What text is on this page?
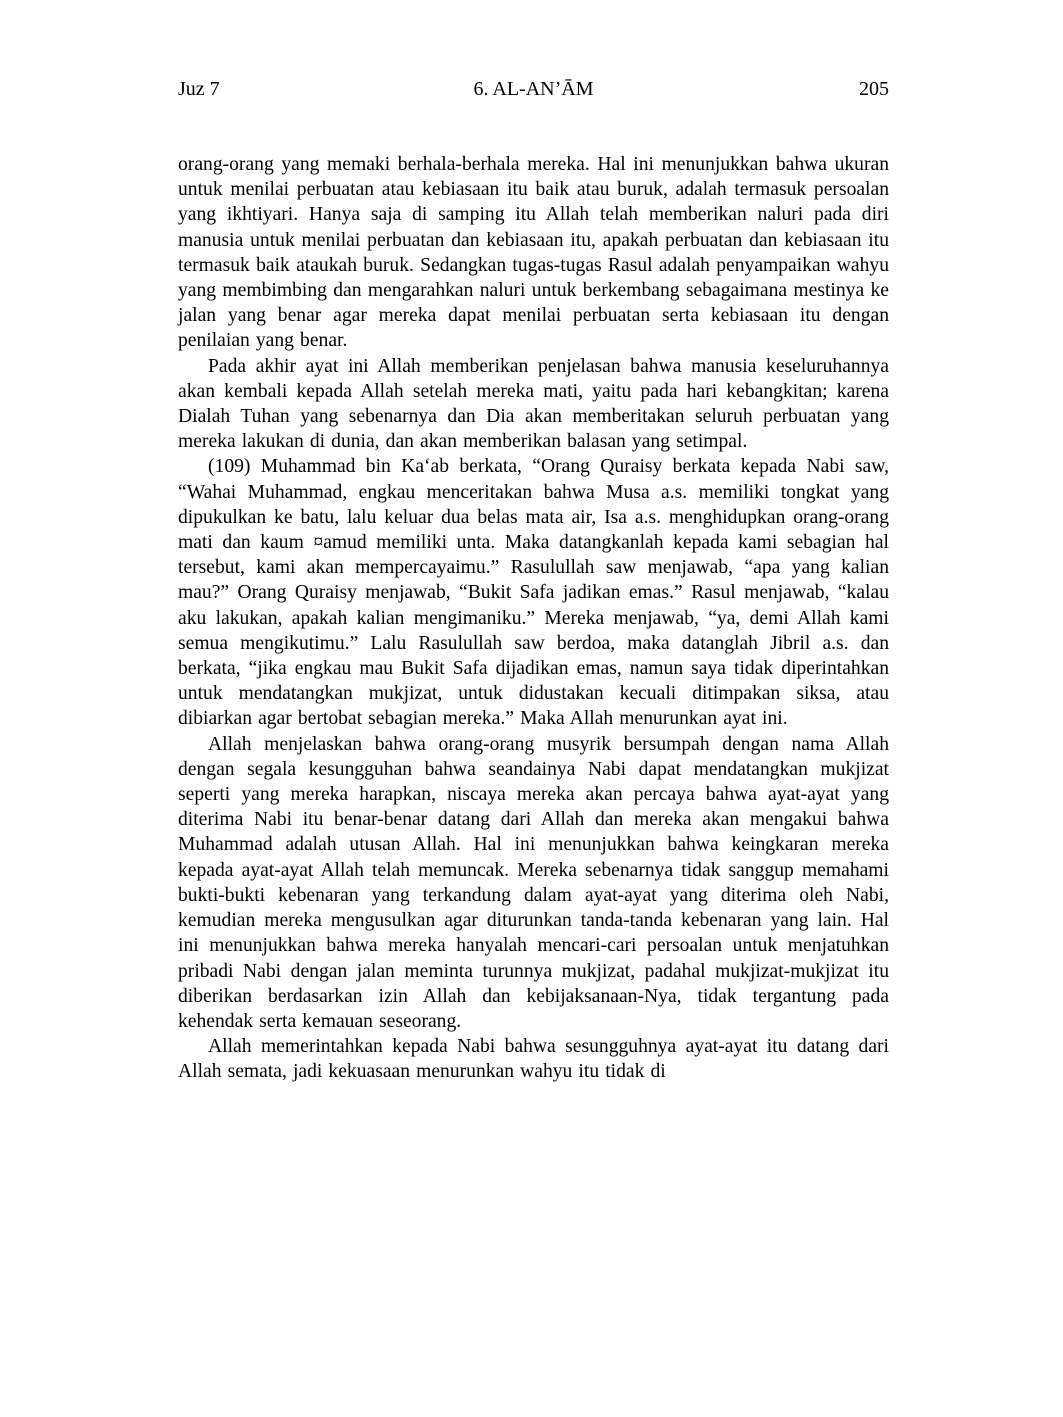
Juz 7	6. AL-AN’ĀM	205

orang-orang yang memaki berhala-berhala mereka. Hal ini menunjukkan bahwa ukuran untuk menilai perbuatan atau kebiasaan itu baik atau buruk, adalah termasuk persoalan yang ikhtiyari. Hanya saja di samping itu Allah telah memberikan naluri pada diri manusia untuk menilai perbuatan dan kebiasaan itu, apakah perbuatan dan kebiasaan itu termasuk baik ataukah buruk. Sedangkan tugas-tugas Rasul adalah penyampaikan wahyu yang membimbing dan mengarahkan naluri untuk berkembang sebagaimana mestinya ke jalan yang benar agar mereka dapat menilai perbuatan serta kebiasaan itu dengan penilaian yang benar.

Pada akhir ayat ini Allah memberikan penjelasan bahwa manusia keseluruhannya akan kembali kepada Allah setelah mereka mati, yaitu pada hari kebangkitan; karena Dialah Tuhan yang sebenarnya dan Dia akan memberitakan seluruh perbuatan yang mereka lakukan di dunia, dan akan memberikan balasan yang setimpal.

(109) Muhammad bin Ka‘ab berkata, “Orang Quraisy berkata kepada Nabi saw, “Wahai Muhammad, engkau menceritakan bahwa Musa a.s. memiliki tongkat yang dipukulkan ke batu, lalu keluar dua belas mata air, Isa a.s. menghidupkan orang-orang mati dan kaum ¤amud memiliki unta. Maka datangkanlah kepada kami sebagian hal tersebut, kami akan mempercayaimu.” Rasulullah saw menjawab, “apa yang kalian mau?” Orang Quraisy menjawab, “Bukit Safa jadikan emas.” Rasul menjawab, “kalau aku lakukan, apakah kalian mengimaniku.” Mereka menjawab, “ya, demi Allah kami semua mengikutimu.” Lalu Rasulullah saw berdoa, maka datanglah Jibril a.s. dan berkata, “jika engkau mau Bukit Safa dijadikan emas, namun saya tidak diperintahkan untuk mendatangkan mukjizat, untuk didustakan kecuali ditimpakan siksa, atau dibiarkan agar bertobat sebagian mereka.” Maka Allah menurunkan ayat ini.

Allah menjelaskan bahwa orang-orang musyrik bersumpah dengan nama Allah dengan segala kesungguhan bahwa seandainya Nabi dapat mendatangkan mukjizat seperti yang mereka harapkan, niscaya mereka akan percaya bahwa ayat-ayat yang diterima Nabi itu benar-benar datang dari Allah dan mereka akan mengakui bahwa Muhammad adalah utusan Allah. Hal ini menunjukkan bahwa keingkaran mereka kepada ayat-ayat Allah telah memuncak. Mereka sebenarnya tidak sanggup memahami bukti-bukti kebenaran yang terkandung dalam ayat-ayat yang diterima oleh Nabi, kemudian mereka mengusulkan agar diturunkan tanda-tanda kebenaran yang lain. Hal ini menunjukkan bahwa mereka hanyalah mencari-cari persoalan untuk menjatuhkan pribadi Nabi dengan jalan meminta turunnya mukjizat, padahal mukjizat-mukjizat itu diberikan berdasarkan izin Allah dan kebijaksanaan-Nya, tidak tergantung pada kehendak serta kemauan seseorang.

Allah memerintahkan kepada Nabi bahwa sesungguhnya ayat-ayat itu datang dari Allah semata, jadi kekuasaan menurunkan wahyu itu tidak di
